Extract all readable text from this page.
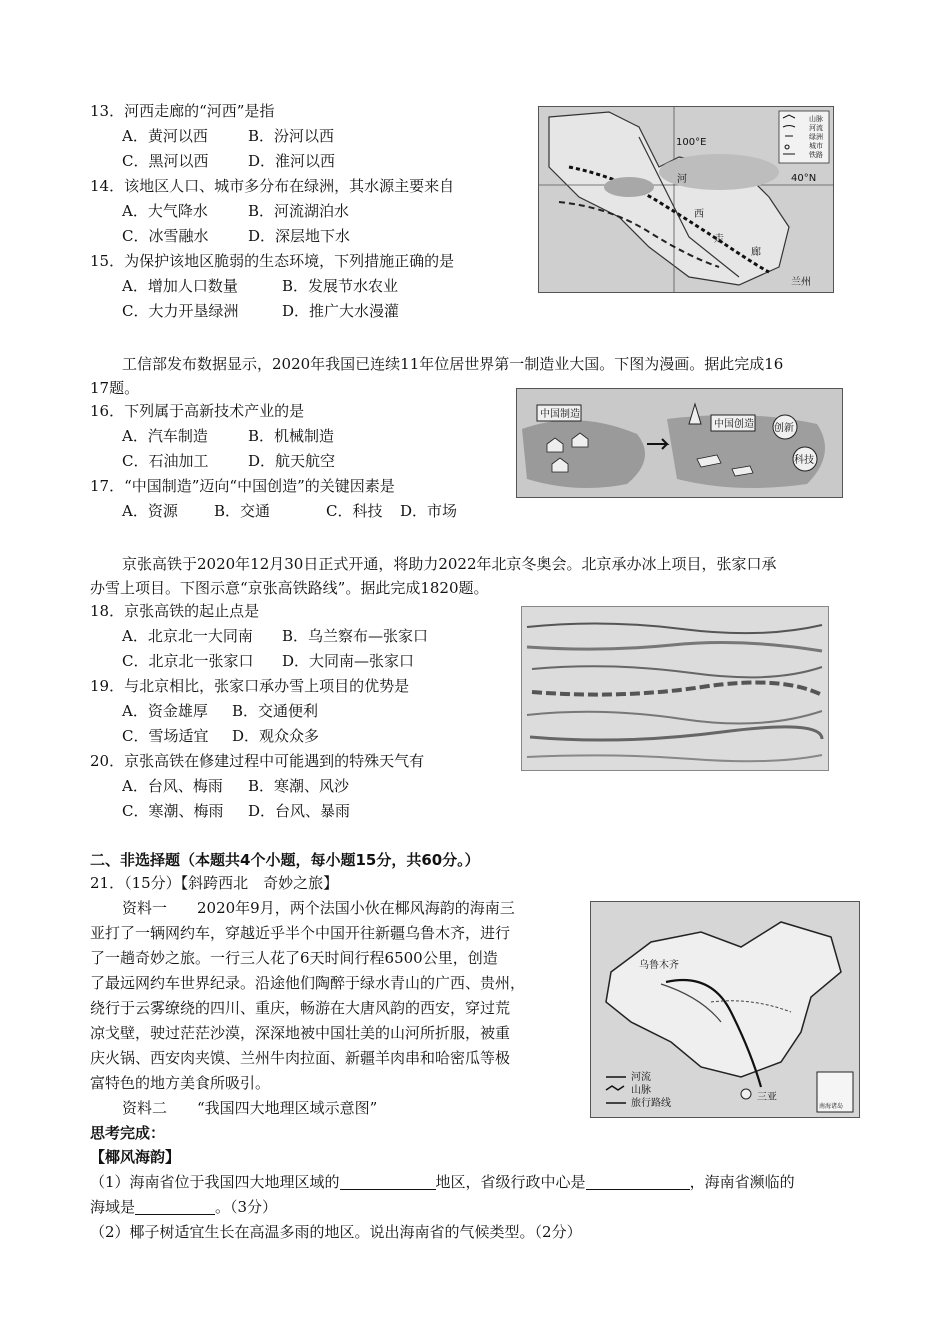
13．河西走廊的“河西”是指
A．黄河以西	B．汾河以西
C．黑河以西	D．淮河以西
14．该地区人口、城市多分布在绿洲，其水源主要来自
A．大气降水	B．河流湖泊水
C．冰雪融水	D．深层地下水
15．为保护该地区脆弱的生态环境，下列措施正确的是
A．增加人口数量	B．发展节水农业
C．大力开垦绿洲	D．推广大水漫灌
100°E
40°N
河
西
走
廊
兰州
山脉
河流
绿洲
城市
铁路
工信部发布数据显示，2020年我国已连续11年位居世界第一制造业大国。下图为漫画。据此完成16
17题。
16．下列属于高新技术产业的是
A．汽车制造	B．机械制造
C．石油加工	D．航天航空
17．“中国制造”迈向“中国创造”的关键因素是
A．资源 B．交通	C．科技 D．市场
中国制造
中国创造 创新
科技
京张高铁于2020年12月30日正式开通，将助力2022年北京冬奥会。北京承办冰上项目，张家口承
办雪上项目。下图示意“京张高铁路线”。据此完成1820题。
18．京张高铁的起止点是
A．北京北一大同南 B．乌兰察布—张家口
C．北京北一张家口 D．大同南—张家口
19．与北京相比，张家口承办雪上项目的优势是
A．资金雄厚 B．交通便利
C．雪场适宜 D．观众众多
20．京张高铁在修建过程中可能遇到的特殊天气有
A．台风、梅雨 B．寒潮、风沙
C．寒潮、梅雨 D．台风、暴雨
二、非选择题（本题共4个小题，每小题15分，共60分。）
21．（15分）【斜跨西北　奇妙之旅】
资料一　　2020年9月，两个法国小伙在椰风海韵的海南三
亚打了一辆网约车，穿越近乎半个中国开往新疆乌鲁木齐，进行
了一趟奇妙之旅。一行三人花了6天时间行程6500公里，创造
了最远网约车世界纪录。沿途他们陶醉于绿水青山的广西、贵州，
绕行于云雾缭绕的四川、重庆，畅游在大唐风韵的西安，穿过荒
凉戈壁，驶过茫茫沙漠，深深地被中国壮美的山河所折服，被重
庆火锅、西安肉夹馍、兰州牛肉拉面、新疆羊肉串和哈密瓜等极
富特色的地方美食所吸引。
资料二　　“我国四大地理区域示意图”
乌鲁木齐
三亚
河流
山脉
旅行路线	南海诸岛
思考完成：
【椰风海韵】
（1）海南省位于我国四大地理区域的	地区，省级行政中心是	，海南省濒临的
海域是	。（3分）
（2）椰子树适宜生长在高温多雨的地区。说出海南省的气候类型。（2分）
